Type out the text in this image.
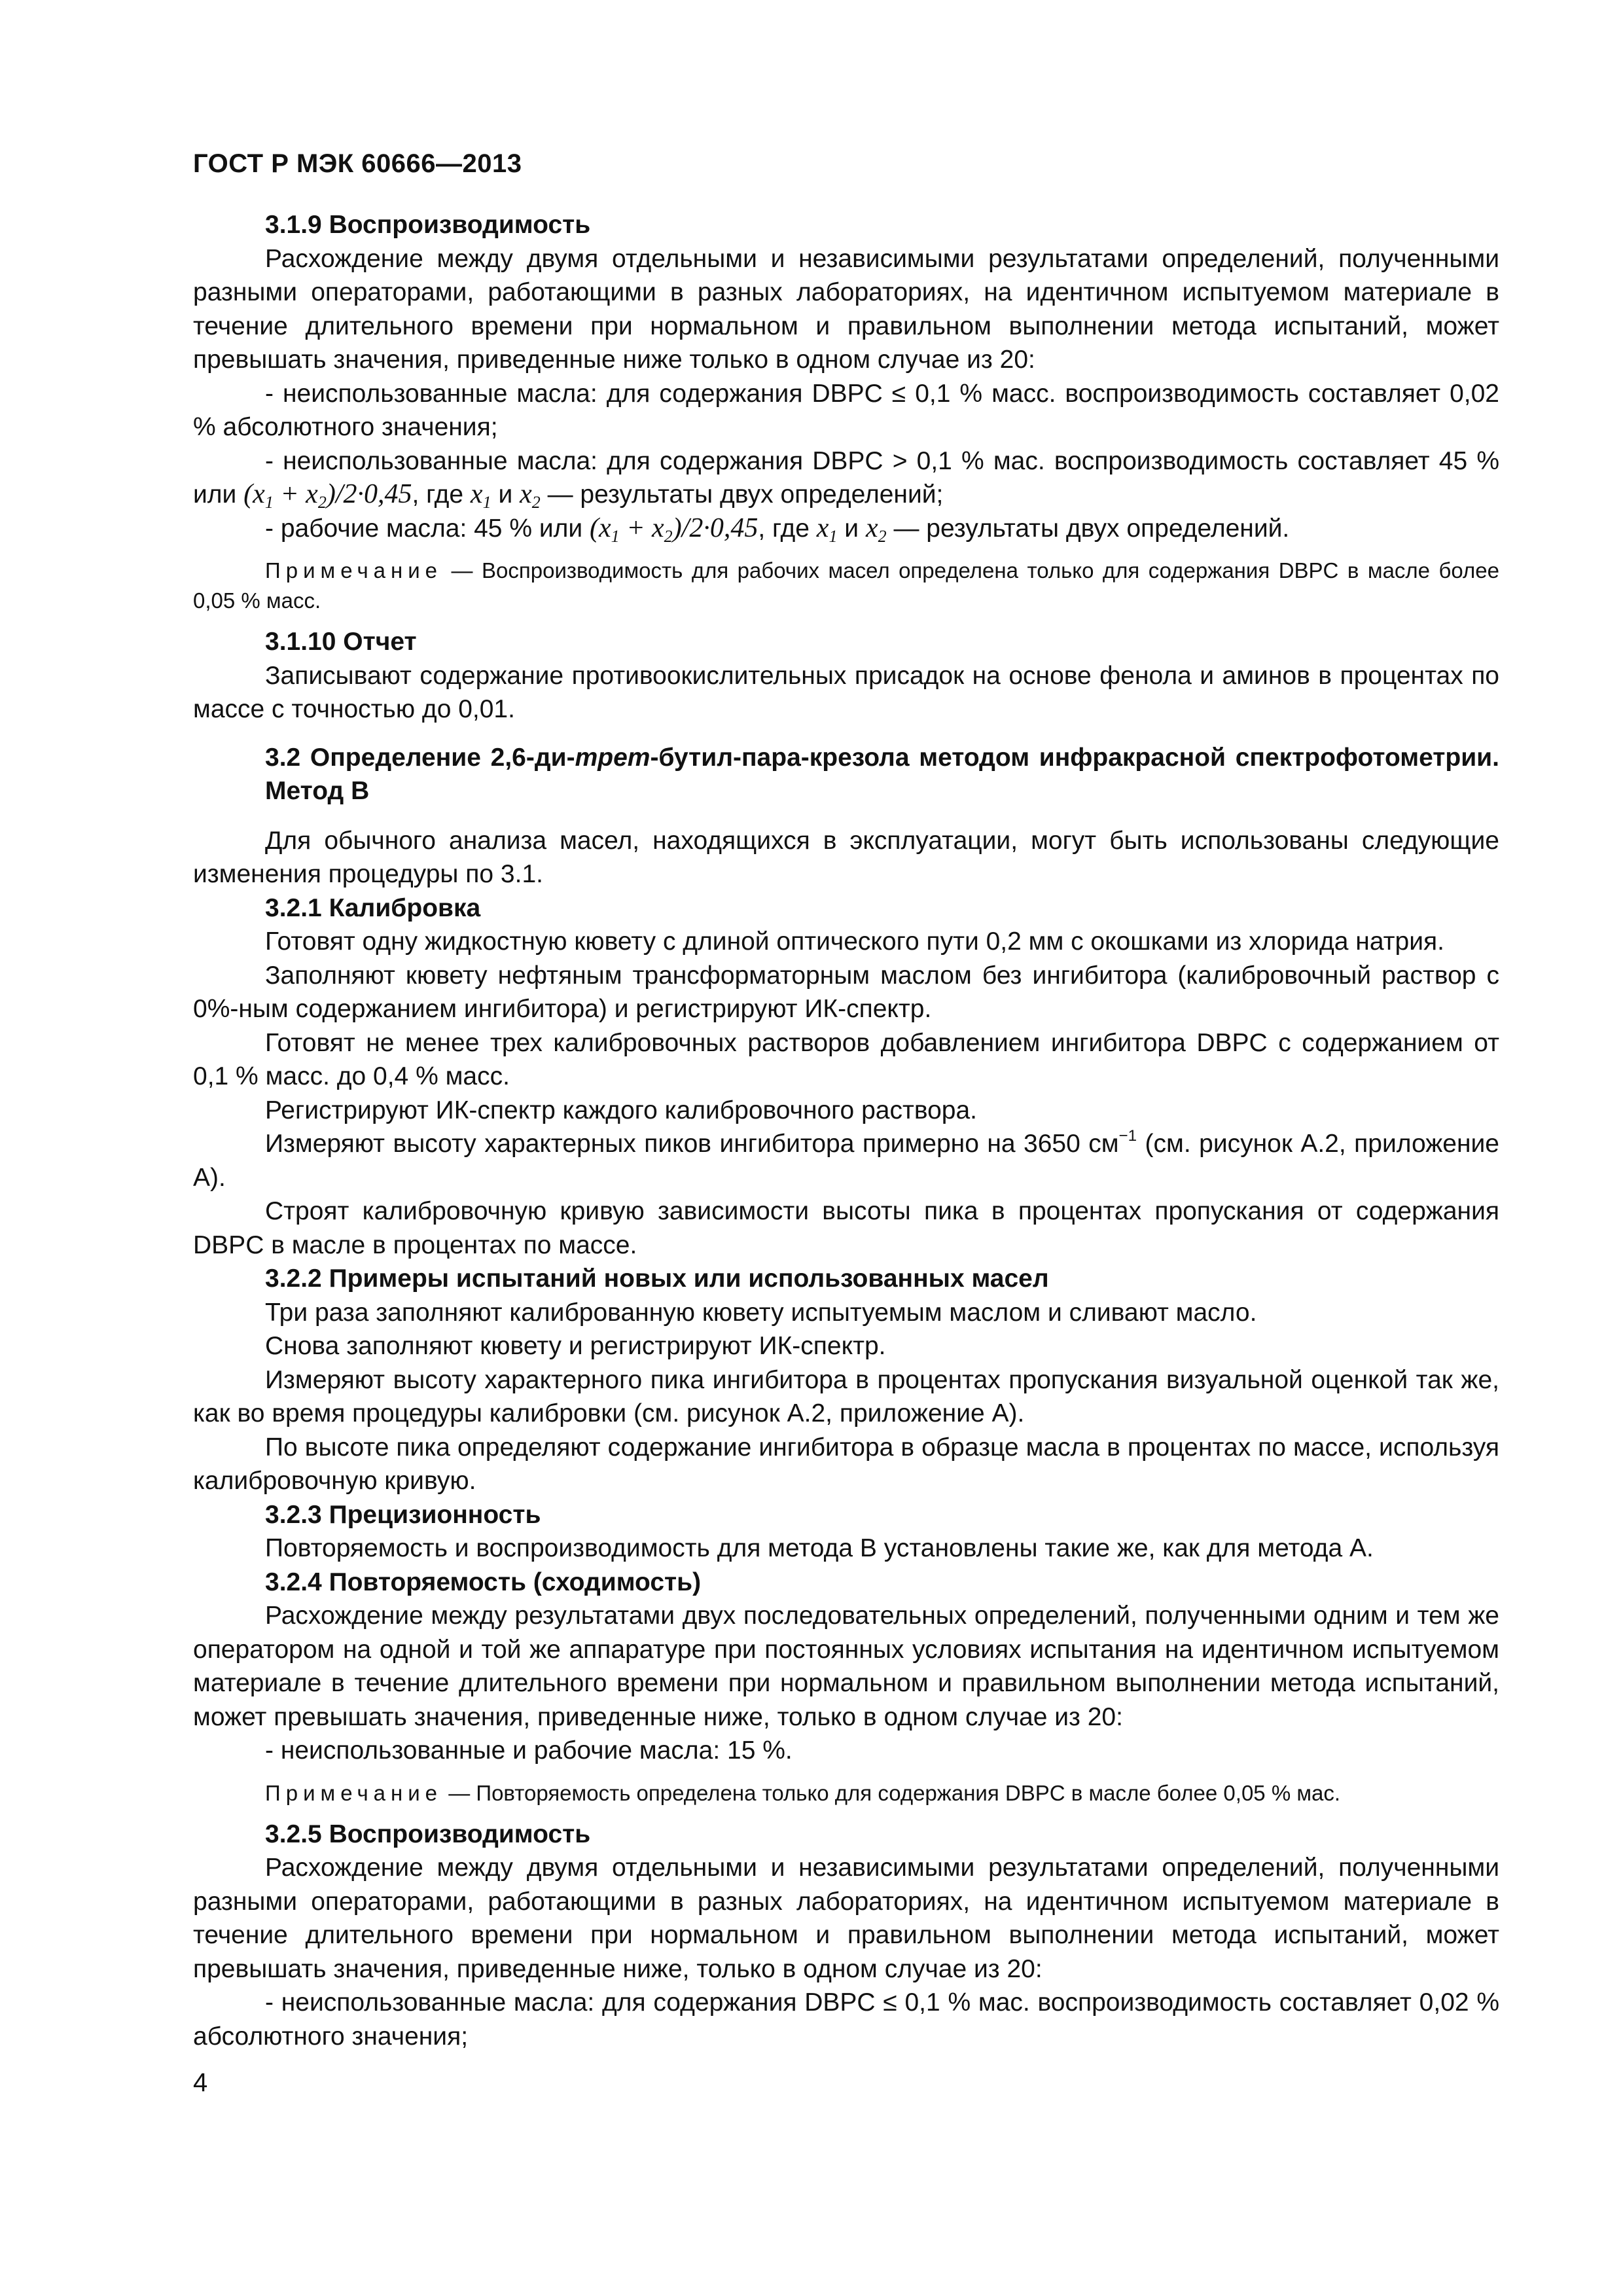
ГОСТ Р МЭК 60666—2013

3.1.9 Воспроизводимость

Расхождение между двумя отдельными и независимыми результатами определений, полученными разными операторами, работающими в разных лабораториях, на идентичном испытуемом материале в течение длительного времени при нормальном и правильном выполнении метода испытаний, может превышать значения, приведенные ниже только в одном случае из 20:

- неиспользованные масла: для содержания DBPC ≤ 0,1 % масс. воспроизводимость составляет 0,02 % абсолютного значения;

- неиспользованные масла: для содержания DBPC > 0,1 % мас. воспроизводимость составляет 45 % или $(x_1 + x_2)/2\cdot 0,45$, где $x_1$ и $x_2$ — результаты двух определений;

- рабочие масла: 45 % или $(x_1 + x_2)/2\cdot 0,45$, где $x_1$ и $x_2$ — результаты двух определений.

Примечание — Воспроизводимость для рабочих масел определена только для содержания DBPC в масле более 0,05 % масс.

3.1.10 Отчет

Записывают содержание противоокислительных присадок на основе фенола и аминов в процентах по массе с точностью до 0,01.

3.2 Определение 2,6-ди-трет-бутил-пара-крезола методом инфракрасной спектрофотометрии. Метод В

Для обычного анализа масел, находящихся в эксплуатации, могут быть использованы следующие изменения процедуры по 3.1.

3.2.1 Калибровка

Готовят одну жидкостную кювету с длиной оптического пути 0,2 мм с окошками из хлорида натрия.

Заполняют кювету нефтяным трансформаторным маслом без ингибитора (калибровочный раствор с 0%-ным содержанием ингибитора) и регистрируют ИК-спектр.

Готовят не менее трех калибровочных растворов добавлением ингибитора DBPC с содержанием от 0,1 % масс. до 0,4 % масс.

Регистрируют ИК-спектр каждого калибровочного раствора.

Измеряют высоту характерных пиков ингибитора примерно на 3650 $см^{-1}$ (см. рисунок А.2, приложение А).

Строят калибровочную кривую зависимости высоты пика в процентах пропускания от содержания DBPC в масле в процентах по массе.

3.2.2 Примеры испытаний новых или использованных масел

Три раза заполняют калиброванную кювету испытуемым маслом и сливают масло.

Снова заполняют кювету и регистрируют ИК-спектр.

Измеряют высоту характерного пика ингибитора в процентах пропускания визуальной оценкой так же, как во время процедуры калибровки (см. рисунок А.2, приложение А).

По высоте пика определяют содержание ингибитора в образце масла в процентах по массе, используя калибровочную кривую.

3.2.3 Прецизионность

Повторяемость и воспроизводимость для метода В установлены такие же, как для метода А.

3.2.4 Повторяемость (сходимость)

Расхождение между результатами двух последовательных определений, полученными одним и тем же оператором на одной и той же аппаратуре при постоянных условиях испытания на идентичном испытуемом материале в течение длительного времени при нормальном и правильном выполнении метода испытаний, может превышать значения, приведенные ниже, только в одном случае из 20:

- неиспользованные и рабочие масла: 15 %.

Примечание — Повторяемость определена только для содержания DBPC в масле более 0,05 % мас.

3.2.5 Воспроизводимость

Расхождение между двумя отдельными и независимыми результатами определений, полученными разными операторами, работающими в разных лабораториях, на идентичном испытуемом материале в течение длительного времени при нормальном и правильном выполнении метода испытаний, может превышать значения, приведенные ниже, только в одном случае из 20:

- неиспользованные масла: для содержания DBPC ≤ 0,1 % мас. воспроизводимость составляет 0,02 % абсолютного значения;

4
